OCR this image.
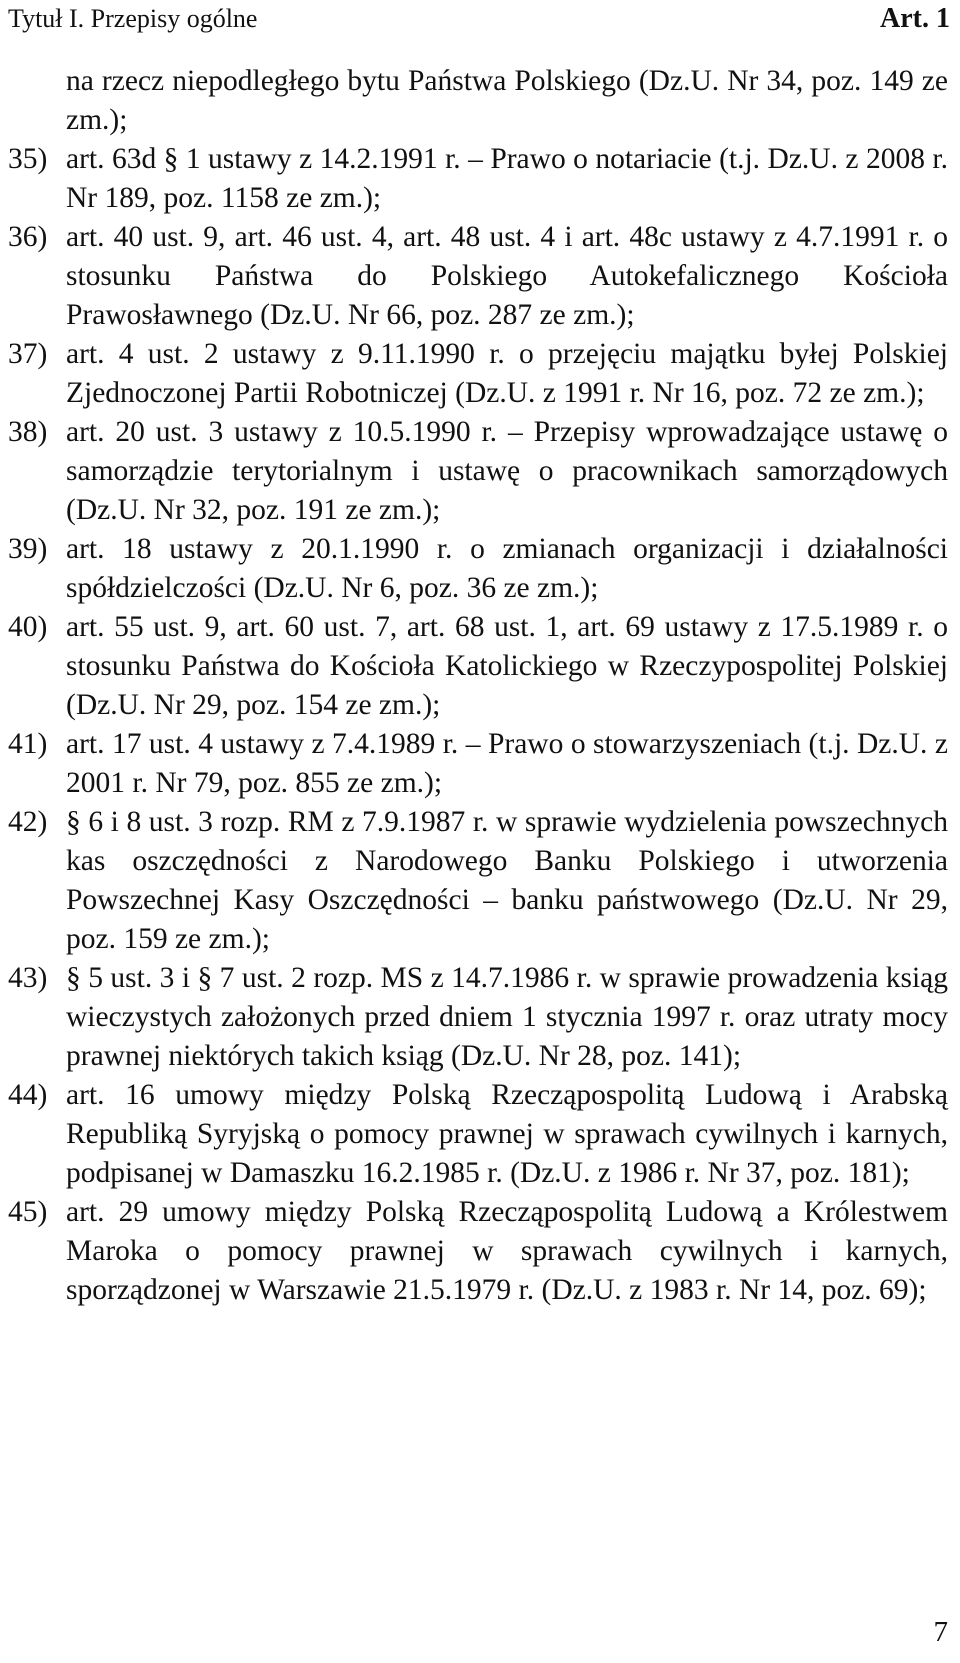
Tytuł I. Przepisy ogólne	Art. 1
na rzecz niepodległego bytu Państwa Polskiego (Dz.U. Nr 34, poz. 149 ze zm.);
35) art. 63d § 1 ustawy z 14.2.1991 r. – Prawo o notariacie (t.j. Dz.U. z 2008 r. Nr 189, poz. 1158 ze zm.);
36) art. 40 ust. 9, art. 46 ust. 4, art. 48 ust. 4 i art. 48c ustawy z 4.7.1991 r. o stosunku Państwa do Polskiego Autokefalicznego Kościoła Prawosławnego (Dz.U. Nr 66, poz. 287 ze zm.);
37) art. 4 ust. 2 ustawy z 9.11.1990 r. o przejęciu majątku byłej Polskiej Zjednoczonej Partii Robotniczej (Dz.U. z 1991 r. Nr 16, poz. 72 ze zm.);
38) art. 20 ust. 3 ustawy z 10.5.1990 r. – Przepisy wprowadzające ustawę o samorządzie terytorialnym i ustawę o pracownikach samorządowych (Dz.U. Nr 32, poz. 191 ze zm.);
39) art. 18 ustawy z 20.1.1990 r. o zmianach organizacji i działalności spółdzielczości (Dz.U. Nr 6, poz. 36 ze zm.);
40) art. 55 ust. 9, art. 60 ust. 7, art. 68 ust. 1, art. 69 ustawy z 17.5.1989 r. o stosunku Państwa do Kościoła Katolickiego w Rzeczypospolitej Polskiej (Dz.U. Nr 29, poz. 154 ze zm.);
41) art. 17 ust. 4 ustawy z 7.4.1989 r. – Prawo o stowarzyszeniach (t.j. Dz.U. z 2001 r. Nr 79, poz. 855 ze zm.);
42) § 6 i 8 ust. 3 rozp. RM z 7.9.1987 r. w sprawie wydzielenia powszechnych kas oszczędności z Narodowego Banku Polskiego i utworzenia Powszechnej Kasy Oszczędności – banku państwowego (Dz.U. Nr 29, poz. 159 ze zm.);
43) § 5 ust. 3 i § 7 ust. 2 rozp. MS z 14.7.1986 r. w sprawie prowadzenia ksiąg wieczystych założonych przed dniem 1 stycznia 1997 r. oraz utraty mocy prawnej niektórych takich ksiąg (Dz.U. Nr 28, poz. 141);
44) art. 16 umowy między Polską Rzecząpospolitą Ludową i Arabską Republiką Syryjską o pomocy prawnej w sprawach cywilnych i karnych, podpisanej w Damaszku 16.2.1985 r. (Dz.U. z 1986 r. Nr 37, poz. 181);
45) art. 29 umowy między Polską Rzecząpospolitą Ludową a Królestwem Maroka o pomocy prawnej w sprawach cywilnych i karnych, sporządzonej w Warszawie 21.5.1979 r. (Dz.U. z 1983 r. Nr 14, poz. 69);
7
